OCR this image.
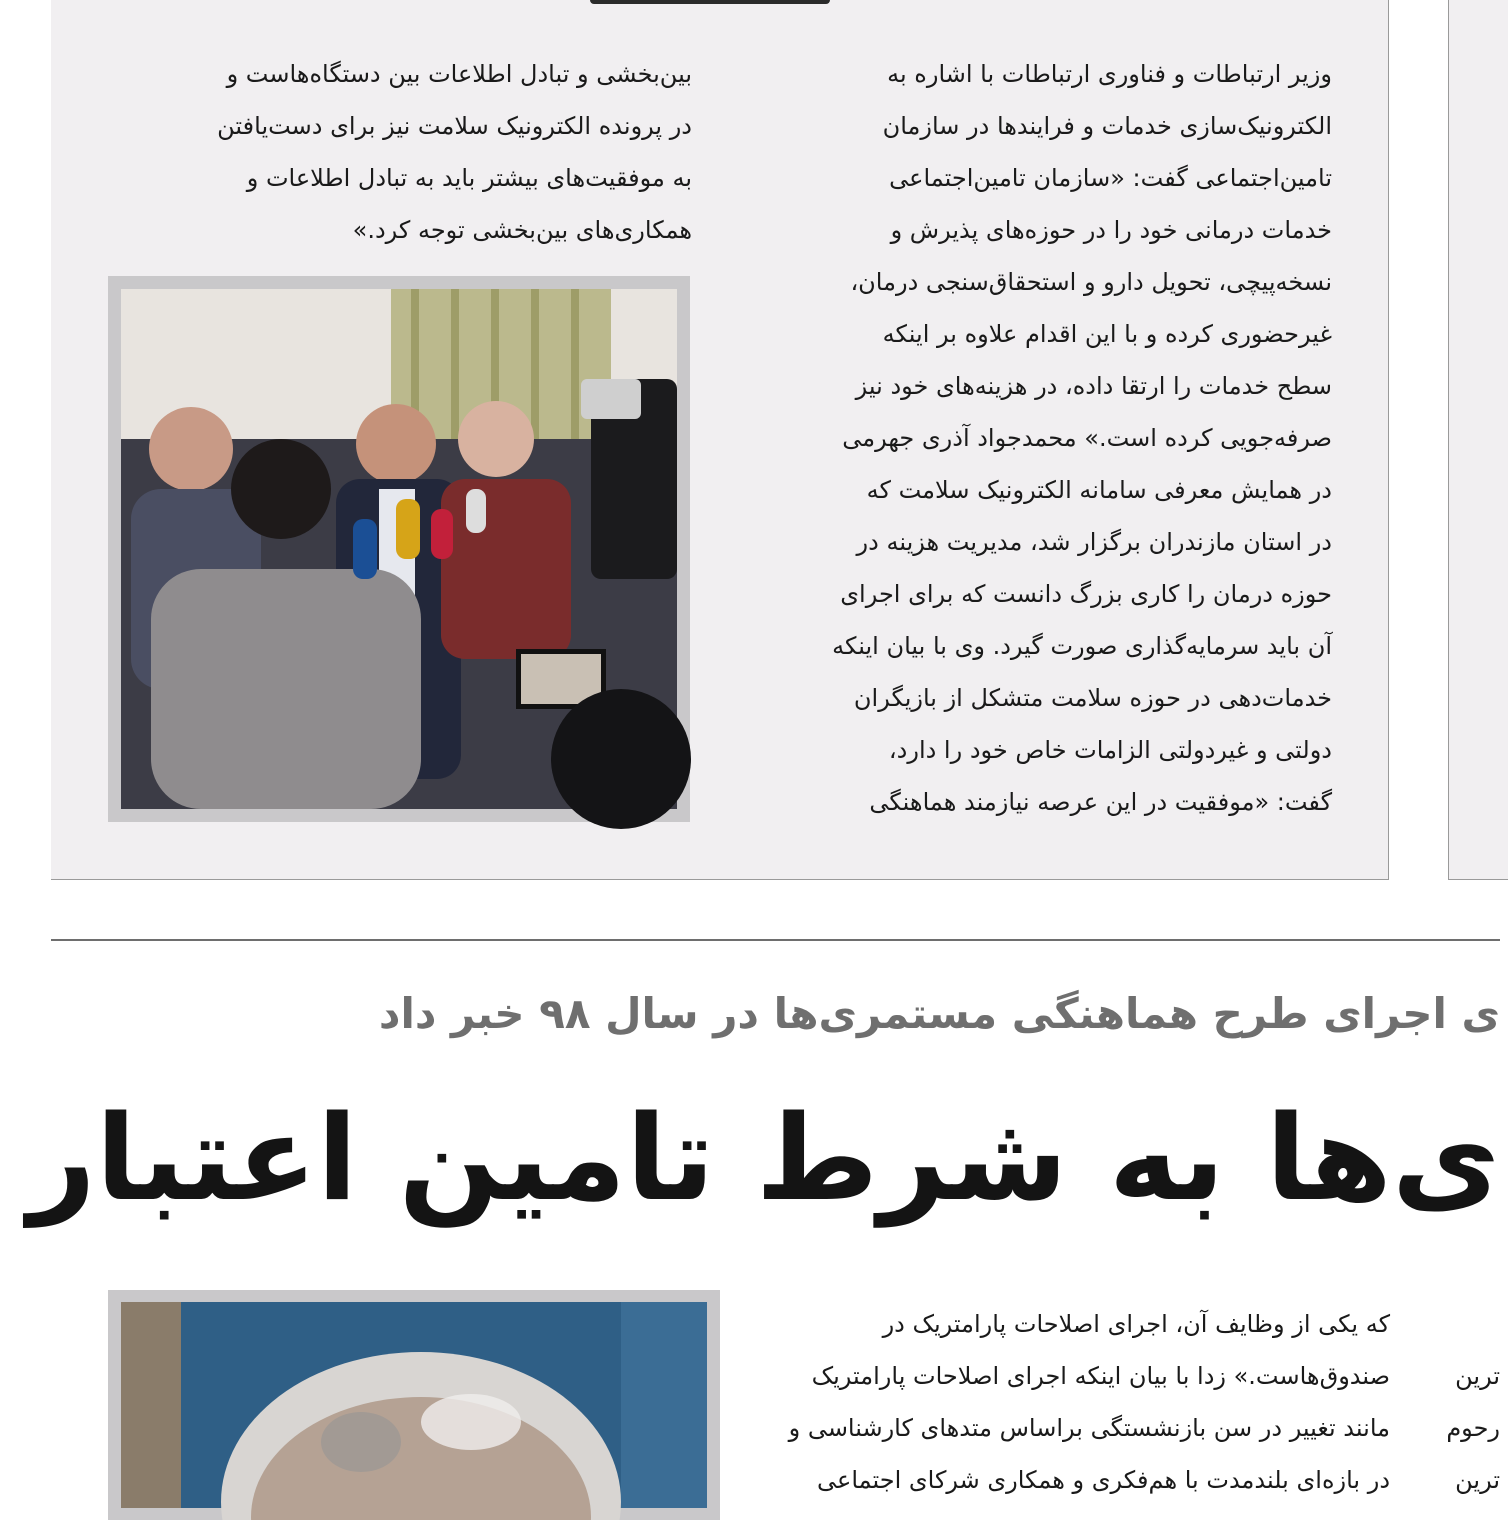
وزیر ارتباطات و فناوری ارتباطات با اشاره به
الکترونیک‌سازی خدمات و فرایندها در سازمان
تامین‌اجتماعی گفت: «سازمان تامین‌اجتماعی
خدمات درمانی خود را در حوزه‌های پذیرش و
نسخه‌پیچی، تحویل دارو و استحقاق‌سنجی درمان،
غیرحضوری کرده و با این اقدام علاوه بر اینکه
سطح خدمات را ارتقا داده، در هزینه‌های خود نیز
صرفه‌جویی کرده است.» محمدجواد آذری جهرمی
در همایش معرفی سامانه الکترونیک سلامت که
در استان مازندران برگزار شد، مدیریت هزینه در
حوزه درمان را کاری بزرگ دانست که برای اجرای
آن باید سرمایه‌گذاری صورت گیرد. وی با بیان اینکه
خدمات‌دهی در حوزه سلامت متشکل از بازیگران
دولتی و غیردولتی الزامات خاص خود را دارد،
گفت: «موفقیت در این عرصه نیازمند هماهنگی
بین‌بخشی و تبادل اطلاعات بین دستگاه‌هاست و
در پرونده الکترونیک سلامت نیز برای دست‌یافتن
به موفقیت‌های بیشتر باید به تبادل اطلاعات و
همکاری‌های بین‌بخشی توجه کرد.»
ی اجرای طرح هماهنگی مستمری‌ها در سال ۹۸ خبر داد
ی‌ها به شرط تامین اعتبار
که یکی از وظایف آن، اجرای اصلاحات پارامتریک در
صندوق‌هاست.» زدا با بیان اینکه اجرای اصلاحات پارامتریک
مانند تغییر در سن بازنشستگی براساس متدهای کارشناسی و
در بازه‌ای بلندمدت با هم‌فکری و همکاری شرکای اجتماعی
ترین
رحوم
ترین
